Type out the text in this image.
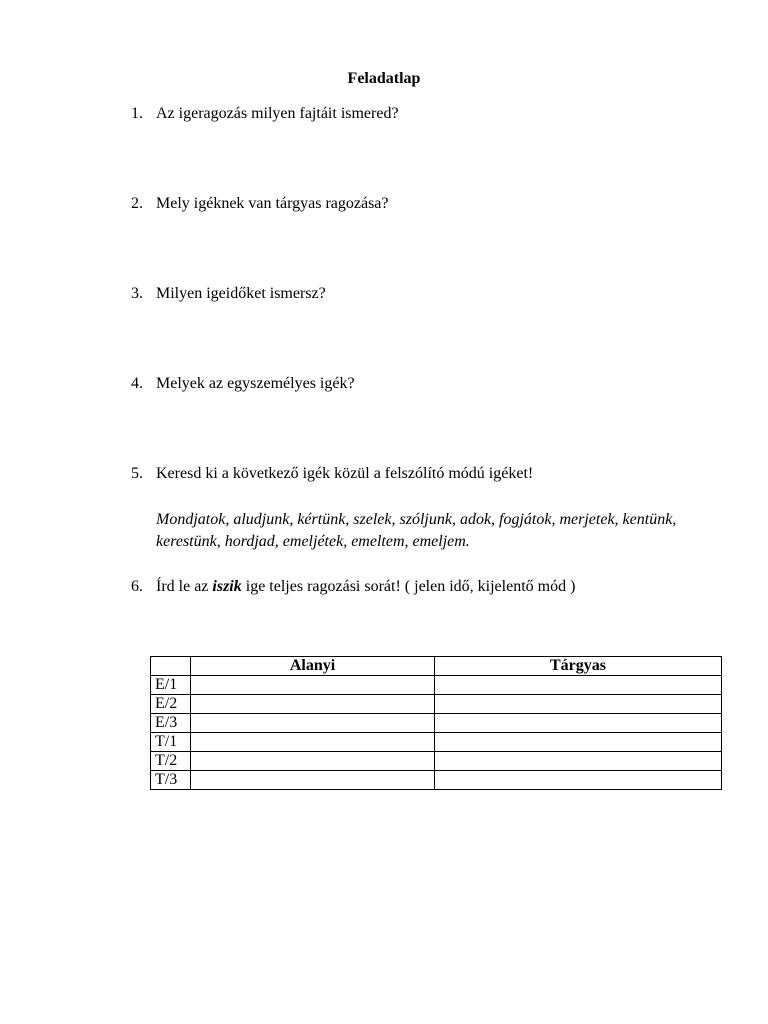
Feladatlap
1. Az igeragozás milyen fajtáit ismered?
2. Mely igéknek van tárgyas ragozása?
3. Milyen igeidőket ismersz?
4. Melyek az egyszemélyes igék?
5. Keresd ki a következő igék közül a felszólító módú igéket!
Mondjatok, aludjunk, kértünk, szelek, szóljunk, adok, fogjátok, merjetek, kentünk, kerestünk, hordjad, emeljétek, emeltem, emeljem.
6. Írd le az iszik ige teljes ragozási sorát! ( jelen idő, kijelentő mód )
	Alanyi	Tárgyas
E/1		
E/2		
E/3		
T/1		
T/2		
T/3		
